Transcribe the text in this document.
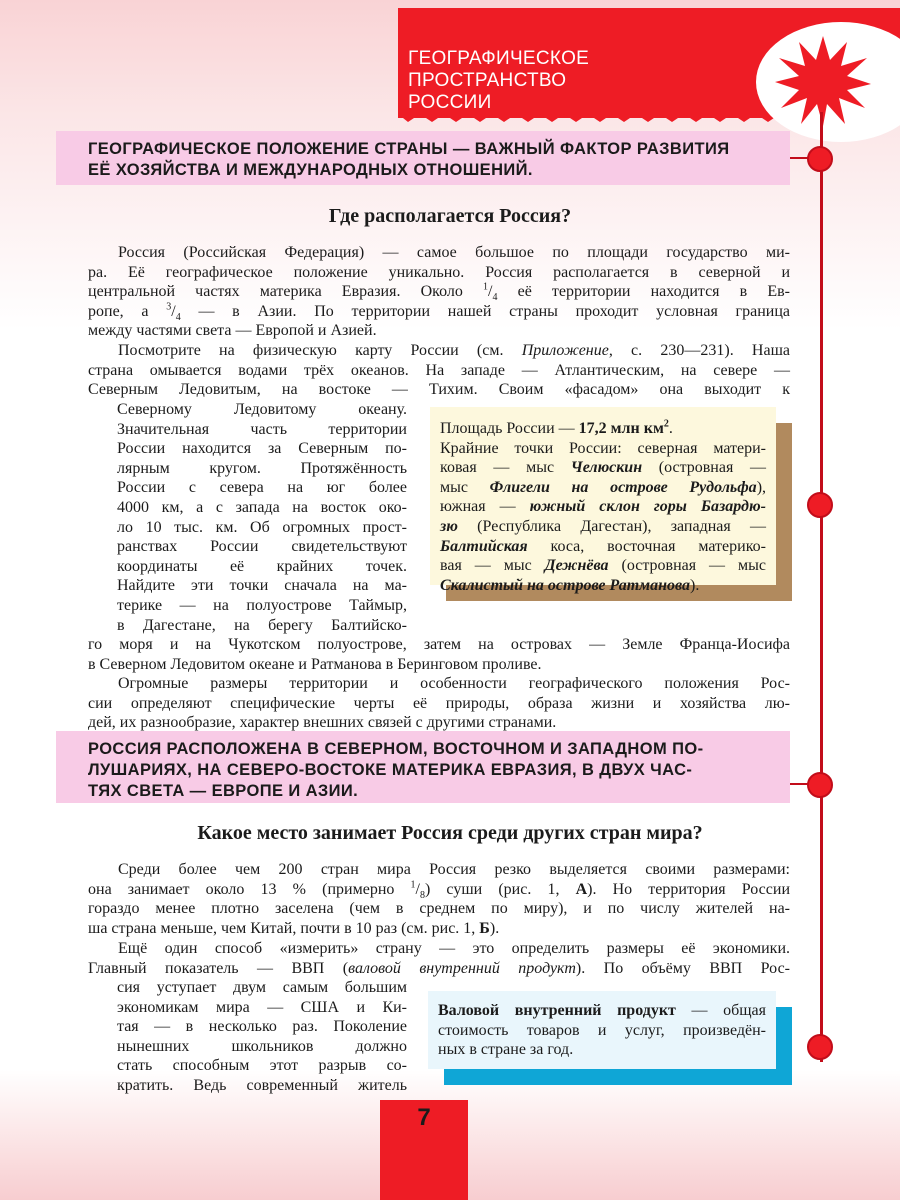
ГЕОГРАФИЧЕСКОЕ ПРОСТРАНСТВО
РОССИИ
ГЕОГРАФИЧЕСКОЕ ПОЛОЖЕНИЕ СТРАНЫ — ВАЖНЫЙ ФАКТОР РАЗВИТИЯ
ЕЁ ХОЗЯЙСТВА И МЕЖДУНАРОДНЫХ ОТНОШЕНИЙ.
Где располагается Россия?
Россия (Российская Федерация) — самое большое по площади государство ми-
ра. Её географическое положение уникально. Россия располагается в северной и
центральной частях материка Евразия. Около $^1/_4$ её территории находится в Ев-
ропе, а $^3/_4$ — в Азии. По территории нашей страны проходит условная граница
между частями света — Европой и Азией.
Посмотрите на физическую карту России (см. Приложение, с. 230—231). Наша
страна омывается водами трёх океанов. На западе — Атлантическим, на севере —
Северным Ледовитым, на востоке — Тихим. Своим «фасадом» она выходит к
Северному Ледовитому океану.
Значительная часть территории
России находится за Северным по-
лярным кругом. Протяжённость
России с севера на юг более
4000 км, а с запада на восток око-
ло 10 тыс. км. Об огромных прост-
ранствах России свидетельствуют
координаты её крайних точек.
Найдите эти точки сначала на ма-
терике — на полуострове Таймыр,
в Дагестане, на берегу Балтийско-
го моря и на Чукотском полуострове, затем на островах — Земле Франца-Иосифа
в Северном Ледовитом океане и Ратманова в Беринговом проливе.
Огромные размеры территории и особенности географического положения Рос-
сии определяют специфические черты её природы, образа жизни и хозяйства лю-
дей, их разнообразие, характер внешних связей с другими странами.
Площадь России — 17,2 млн $км^2$.
Крайние точки России: северная матери-
ковая — мыс Челюскин (островная —
мыс Флигели на острове Рудольфа),
южная — южный склон горы Базардю-
зю (Республика Дагестан), западная —
Балтийская коса, восточная материко-
вая — мыс Дежнёва (островная — мыс
Скалистый на острове Ратманова).
РОССИЯ РАСПОЛОЖЕНА В СЕВЕРНОМ, ВОСТОЧНОМ И ЗАПАДНОМ ПО-
ЛУШАРИЯХ, НА СЕВЕРО-ВОСТОКЕ МАТЕРИКА ЕВРАЗИЯ, В ДВУХ ЧАС-
ТЯХ СВЕТА — ЕВРОПЕ И АЗИИ.
Какое место занимает Россия среди других стран мира?
Среди более чем 200 стран мира Россия резко выделяется своими размерами:
она занимает около 13 % (примерно $^1/_8$) суши (рис. 1, А). Но территория России
гораздо менее плотно заселена (чем в среднем по миру), и по числу жителей на-
ша страна меньше, чем Китай, почти в 10 раз (см. рис. 1, Б).
Ещё один способ «измерить» страну — это определить размеры её экономики.
Главный показатель — ВВП (валовой внутренний продукт). По объёму ВВП Рос-
сия уступает двум самым большим
экономикам мира — США и Ки-
тая — в несколько раз. Поколение
нынешних школьников должно
стать способным этот разрыв со-
кратить. Ведь современный житель
Валовой внутренний продукт — общая
стоимость товаров и услуг, произведён-
ных в стране за год.
7
